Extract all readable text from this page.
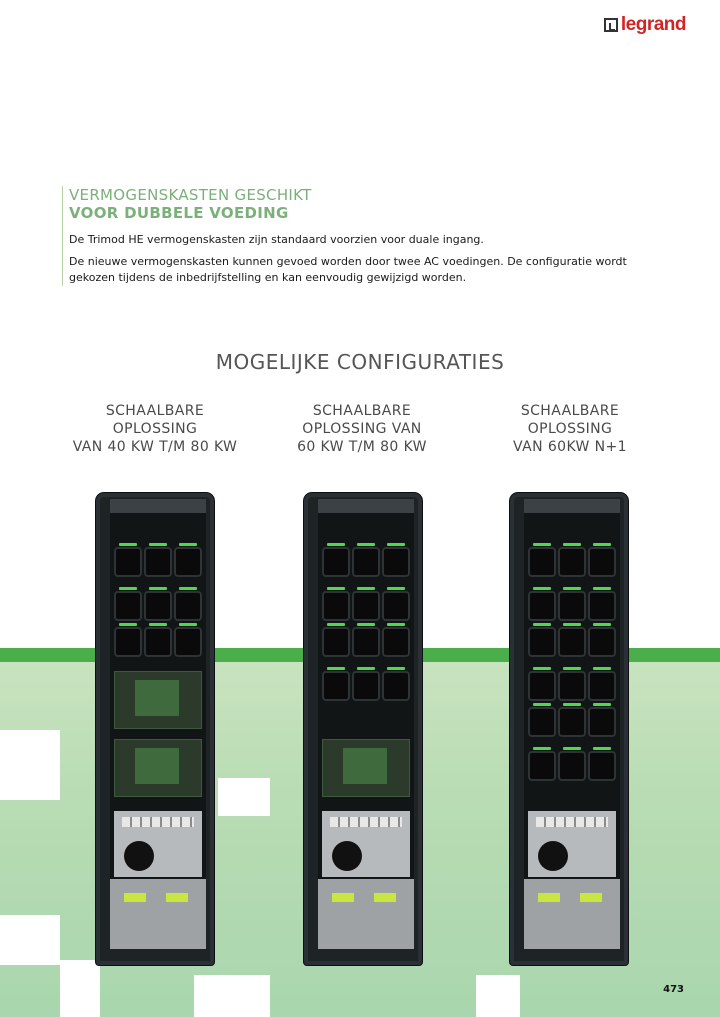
legrand
VERMOGENSKASTEN GESCHIKT
VOOR DUBBELE VOEDING
De Trimod HE vermogenskasten zijn standaard voorzien voor duale ingang.
De nieuwe vermogenskasten kunnen gevoed worden door twee AC voedingen. De configuratie wordt gekozen tijdens de inbedrijfstelling en kan eenvoudig gewijzigd worden.
MOGELIJKE CONFIGURATIES
SCHAALBARE
OPLOSSING
VAN 40 KW T/M 80 KW
SCHAALBARE
OPLOSSING VAN
60 KW T/M 80 KW
SCHAALBARE
OPLOSSING
VAN 60KW N+1
473
